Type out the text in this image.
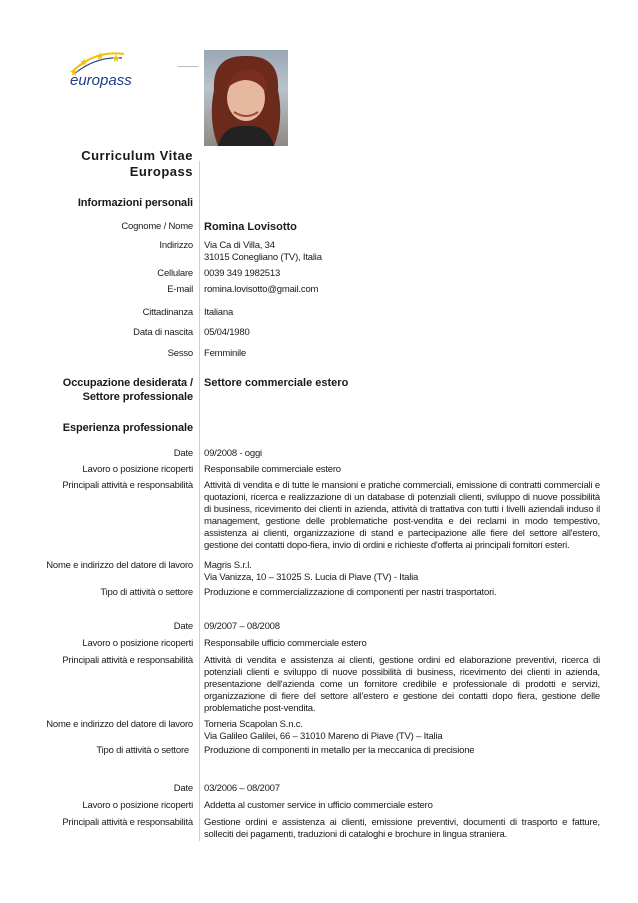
europass
Curriculum Vitae
Europass
Informazioni personali
Cognome / Nome Romina Lovisotto
Indirizzo Via Ca di Villa, 34
31015 Conegliano (TV), Italia
Cellulare 0039 349 1982513
E-mail romina.lovisotto@gmail.com
Cittadinanza Italiana
Data di nascita 05/04/1980
Sesso Femminile
Occupazione desiderata /
Settore professionale
Settore commerciale estero
Esperienza professionale
Date 09/2008 - oggi
Lavoro o posizione ricoperti Responsabile commerciale estero
Principali attività e responsabilità Attività di vendita e di tutte le mansioni e pratiche commerciali, emissione di contratti commerciali e quotazioni, ricerca e realizzazione di un database di potenziali clienti, sviluppo di nuove possibilità di business, ricevimento dei clienti in azienda, attività di trattativa con tutti i livelli aziendali induso il management, gestione delle problematiche post-vendita e dei reclami in modo tempestivo, assistenza ai clienti, organizzazione di stand e partecipazione alle fiere del settore all'estero, gestione dei contatti dopo-fiera, invio di ordini e richieste d'offerta ai principali fornitori esteri.
Nome e indirizzo del datore di lavoro Magris S.r.l.
Via Vanizza, 10 – 31025 S. Lucia di Piave (TV) - Italia
Tipo di attività o settore Produzione e commercializzazione di componenti per nastri trasportatori.
Date 09/2007 – 08/2008
Lavoro o posizione ricoperti Responsabile ufficio commerciale estero
Principali attività e responsabilità Attività di vendita e assistenza ai clienti, gestione ordini ed elaborazione preventivi, ricerca di potenziali clienti e sviluppo di nuove possibilità di business, ricevimento dei clienti in azienda, presentazione dell'azienda come un fornitore credibile e professionale di prodotti e servizi, organizzazione di fiere del settore all'estero e gestione dei contatti dopo fiera, gestione delle problematiche post-vendita.
Nome e indirizzo del datore di lavoro Torneria Scapolan S.n.c.
Via Galileo Galilei, 66 – 31010 Mareno di Piave (TV) – Italia
Tipo di attività o settore Produzione di componenti in metallo per la meccanica di precisione
Date 03/2006 – 08/2007
Lavoro o posizione ricoperti Addetta al customer service in ufficio commerciale estero
Principali attività e responsabilità Gestione ordini e assistenza ai clienti, emissione preventivi, documenti di trasporto e fatture, solleciti dei pagamenti, traduzioni di cataloghi e brochure in lingua straniera.
